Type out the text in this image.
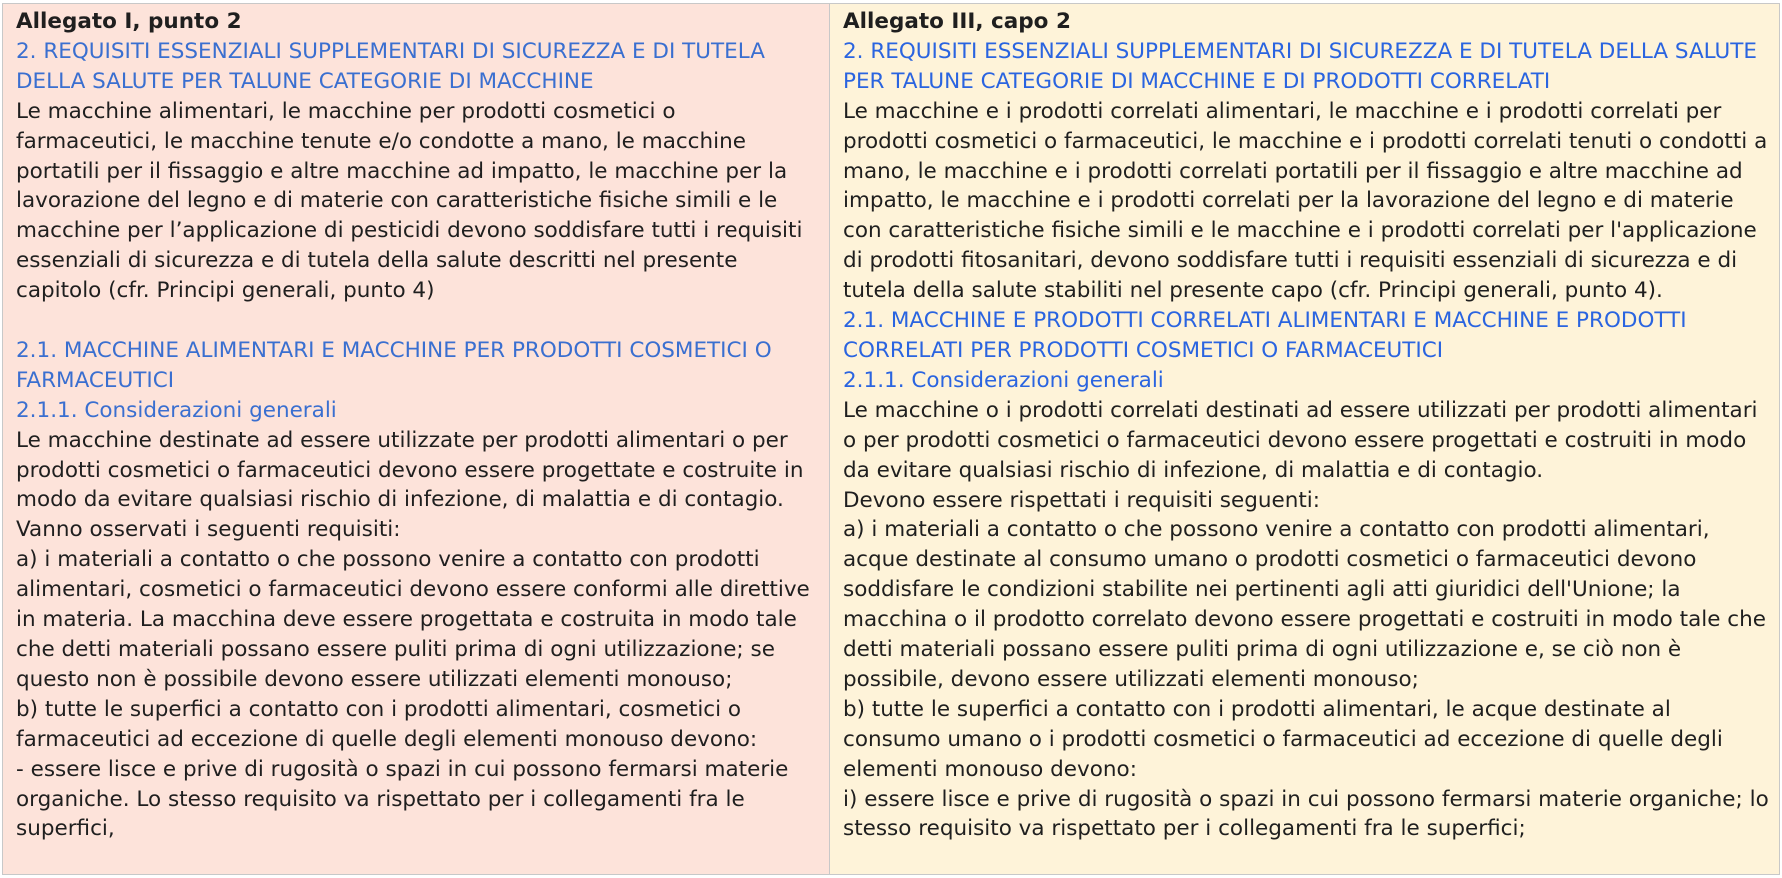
Allegato I, punto 2

2. REQUISITI ESSENZIALI SUPPLEMENTARI DI SICUREZZA E DI TUTELA DELLA SALUTE PER TALUNE CATEGORIE DI MACCHINE

Le macchine alimentari, le macchine per prodotti cosmetici o farmaceutici, le macchine tenute e/o condotte a mano, le macchine portatili per il fissaggio e altre macchine ad impatto, le macchine per la lavorazione del legno e di materie con caratteristiche fisiche simili e le macchine per l’applicazione di pesticidi devono soddisfare tutti i requisiti essenziali di sicurezza e di tutela della salute descritti nel presente capitolo (cfr. Principi generali, punto 4)

2.1. MACCHINE ALIMENTARI E MACCHINE PER PRODOTTI COSMETICI O FARMACEUTICI

2.1.1. Considerazioni generali

Le macchine destinate ad essere utilizzate per prodotti alimentari o per prodotti cosmetici o farmaceutici devono essere progettate e costruite in modo da evitare qualsiasi rischio di infezione, di malattia e di contagio.

Vanno osservati i seguenti requisiti:

a) i materiali a contatto o che possono venire a contatto con prodotti alimentari, cosmetici o farmaceutici devono essere conformi alle direttive in materia. La macchina deve essere progettata e costruita in modo tale che detti materiali possano essere puliti prima di ogni utilizzazione; se questo non è possibile devono essere utilizzati elementi monouso;

b) tutte le superfici a contatto con i prodotti alimentari, cosmetici o farmaceutici ad eccezione di quelle degli elementi monouso devono:

- essere lisce e prive di rugosità o spazi in cui possono fermarsi materie organiche. Lo stesso requisito va rispettato per i collegamenti fra le superfici,

Allegato III, capo 2

2. REQUISITI ESSENZIALI SUPPLEMENTARI DI SICUREZZA E DI TUTELA DELLA SALUTE PER TALUNE CATEGORIE DI MACCHINE E DI PRODOTTI CORRELATI

Le macchine e i prodotti correlati alimentari, le macchine e i prodotti correlati per prodotti cosmetici o farmaceutici, le macchine e i prodotti correlati tenuti o condotti a mano, le macchine e i prodotti correlati portatili per il fissaggio e altre macchine ad impatto, le macchine e i prodotti correlati per la lavorazione del legno e di materie con caratteristiche fisiche simili e le macchine e i prodotti correlati per l'applicazione di prodotti fitosanitari, devono soddisfare tutti i requisiti essenziali di sicurezza e di tutela della salute stabiliti nel presente capo (cfr. Principi generali, punto 4).

2.1. MACCHINE E PRODOTTI CORRELATI ALIMENTARI E MACCHINE E PRODOTTI CORRELATI PER PRODOTTI COSMETICI O FARMACEUTICI

2.1.1. Considerazioni generali

Le macchine o i prodotti correlati destinati ad essere utilizzati per prodotti alimentari o per prodotti cosmetici o farmaceutici devono essere progettati e costruiti in modo da evitare qualsiasi rischio di infezione, di malattia e di contagio.

Devono essere rispettati i requisiti seguenti:

a) i materiali a contatto o che possono venire a contatto con prodotti alimentari, acque destinate al consumo umano o prodotti cosmetici o farmaceutici devono soddisfare le condizioni stabilite nei pertinenti agli atti giuridici dell'Unione; la macchina o il prodotto correlato devono essere progettati e costruiti in modo tale che detti materiali possano essere puliti prima di ogni utilizzazione e, se ciò non è possibile, devono essere utilizzati elementi monouso;

b) tutte le superfici a contatto con i prodotti alimentari, le acque destinate al consumo umano o i prodotti cosmetici o farmaceutici ad eccezione di quelle degli elementi monouso devono:

i) essere lisce e prive di rugosità o spazi in cui possono fermarsi materie organiche; lo stesso requisito va rispettato per i collegamenti fra le superfici;
